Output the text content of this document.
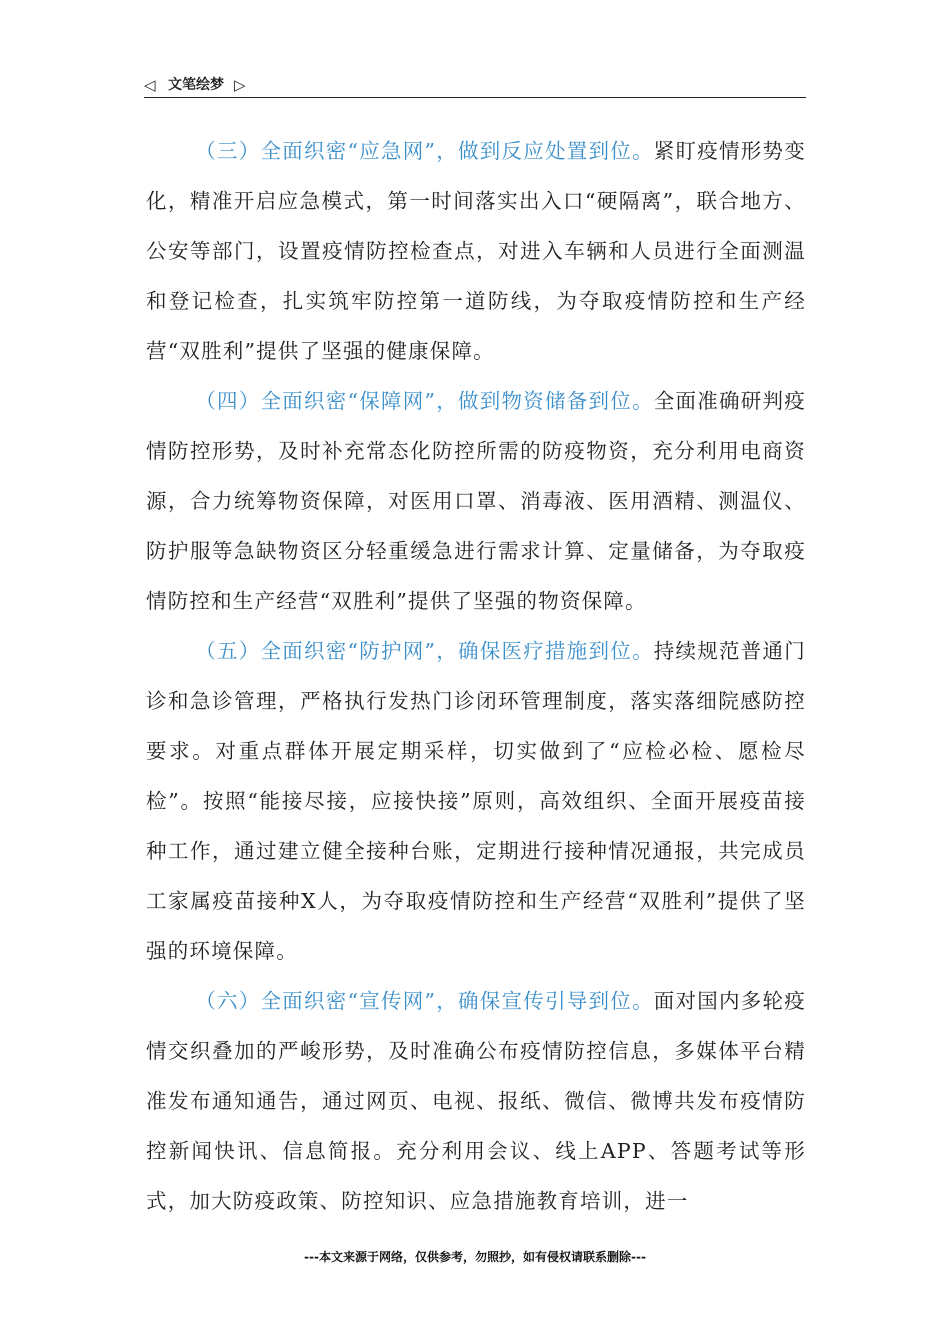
◁ 文笔绘梦 ▷

（三）全面织密“应急网”，做到反应处置到位。紧盯疫情形势变化，精准开启应急模式，第一时间落实出入口“硬隔离”，联合地方、公安等部门，设置疫情防控检查点，对进入车辆和人员进行全面测温和登记检查，扎实筑牢防控第一道防线，为夺取疫情防控和生产经营“双胜利”提供了坚强的健康保障。

（四）全面织密“保障网”，做到物资储备到位。全面准确研判疫情防控形势，及时补充常态化防控所需的防疫物资，充分利用电商资源，合力统筹物资保障，对医用口罩、消毒液、医用酒精、测温仪、防护服等急缺物资区分轻重缓急进行需求计算、定量储备，为夺取疫情防控和生产经营“双胜利”提供了坚强的物资保障。

（五）全面织密“防护网”，确保医疗措施到位。持续规范普通门诊和急诊管理，严格执行发热门诊闭环管理制度，落实落细院感防控要求。对重点群体开展定期采样，切实做到了“应检必检、愿检尽检”。按照“能接尽接，应接快接”原则，高效组织、全面开展疫苗接种工作，通过建立健全接种台账，定期进行接种情况通报，共完成员工家属疫苗接种X人，为夺取疫情防控和生产经营“双胜利”提供了坚强的环境保障。

（六）全面织密“宣传网”，确保宣传引导到位。面对国内多轮疫情交织叠加的严峻形势，及时准确公布疫情防控信息，多媒体平台精准发布通知通告，通过网页、电视、报纸、微信、微博共发布疫情防控新闻快讯、信息简报。充分利用会议、线上APP、答题考试等形式，加大防疫政策、防控知识、应急措施教育培训，进一

---本文来源于网络，仅供参考，勿照抄，如有侵权请联系删除---
